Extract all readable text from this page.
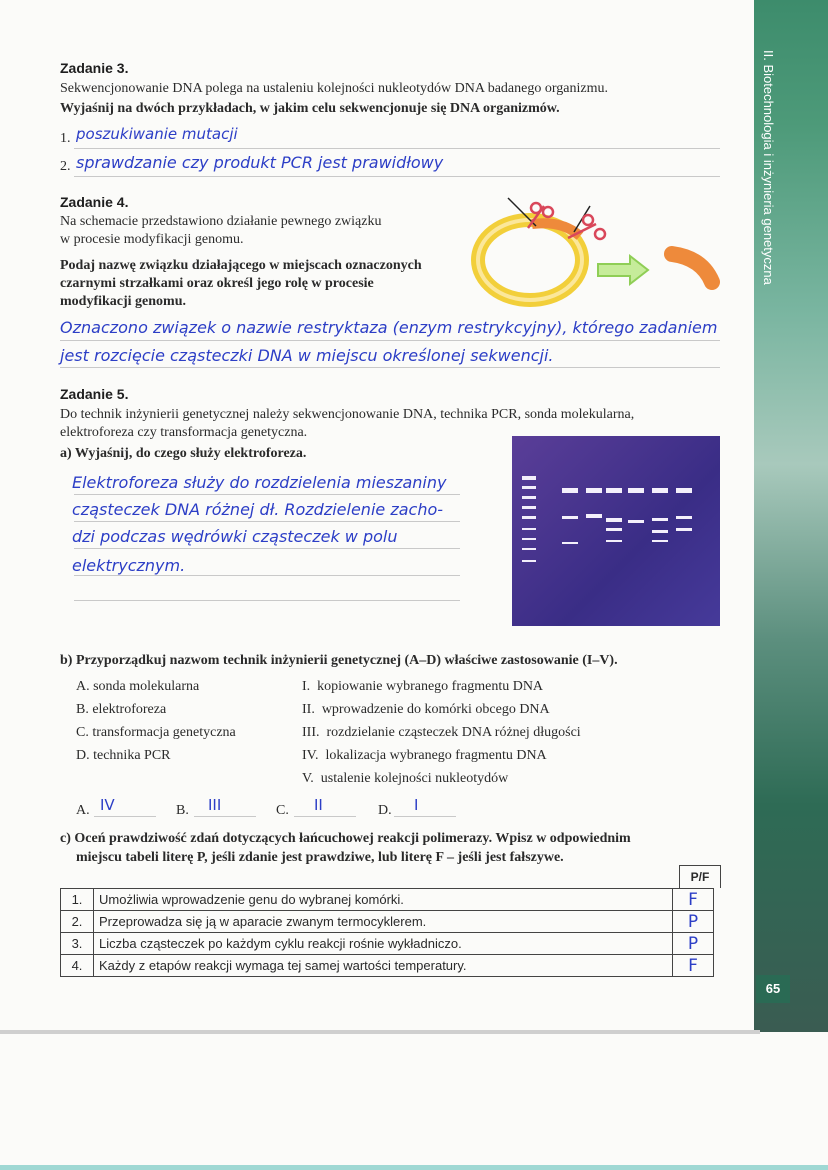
II. Biotechnologia i inżynieria genetyczna
65
Zadanie 3.
Sekwencjonowanie DNA polega na ustaleniu kolejności nukleotydów DNA badanego organizmu.
Wyjaśnij na dwóch przykładach, w jakim celu sekwencjonuje się DNA organizmów.
1. poszukiwanie mutacji
2. sprawdzanie czy produkt PCR jest prawidłowy
Zadanie 4.
Na schemacie przedstawiono działanie pewnego związku
w procesie modyfikacji genomu.
Podaj nazwę związku działającego w miejscach oznaczonych
czarnymi strzałkami oraz określ jego rolę w procesie
modyfikacji genomu.
Oznaczono związek o nazwie restryktaza (enzym restrykcyjny), którego zadaniem
jest rozcięcie cząsteczki DNA w miejscu określonej sekwencji.
Zadanie 5.
Do technik inżynierii genetycznej należy sekwencjonowanie DNA, technika PCR, sonda molekularna,
elektroforeza czy transformacja genetyczna.
a) Wyjaśnij, do czego służy elektroforeza.
Elektroforeza służy do rozdzielenia mieszaniny
cząsteczek DNA różnej dł. Rozdzielenie zacho-
dzi podczas wędrówki cząsteczek w polu
elektrycznym.
b) Przyporządkuj nazwom technik inżynierii genetycznej (A–D) właściwe zastosowanie (I–V).
A. sonda molekularna
B. elektroforeza
C. transformacja genetyczna
D. technika PCR
I.  kopiowanie wybranego fragmentu DNA
II.  wprowadzenie do komórki obcego DNA
III.  rozdzielanie cząsteczek DNA różnej długości
IV.  lokalizacja wybranego fragmentu DNA
V.  ustalenie kolejności nukleotydów
A. IV	B. III	C. II	D. I
c) Oceń prawdziwość zdań dotyczących łańcuchowej reakcji polimerazy. Wpisz w odpowiednim
miejscu tabeli literę P, jeśli zdanie jest prawdziwe, lub literę F – jeśli jest fałszywe.
P/F
1.	Umożliwia wprowadzenie genu do wybranej komórki.	F
2.	Przeprowadza się ją w aparacie zwanym termocyklerem.	P
3.	Liczba cząsteczek po każdym cyklu reakcji rośnie wykładniczo.	P
4.	Każdy z etapów reakcji wymaga tej samej wartości temperatury.	F
